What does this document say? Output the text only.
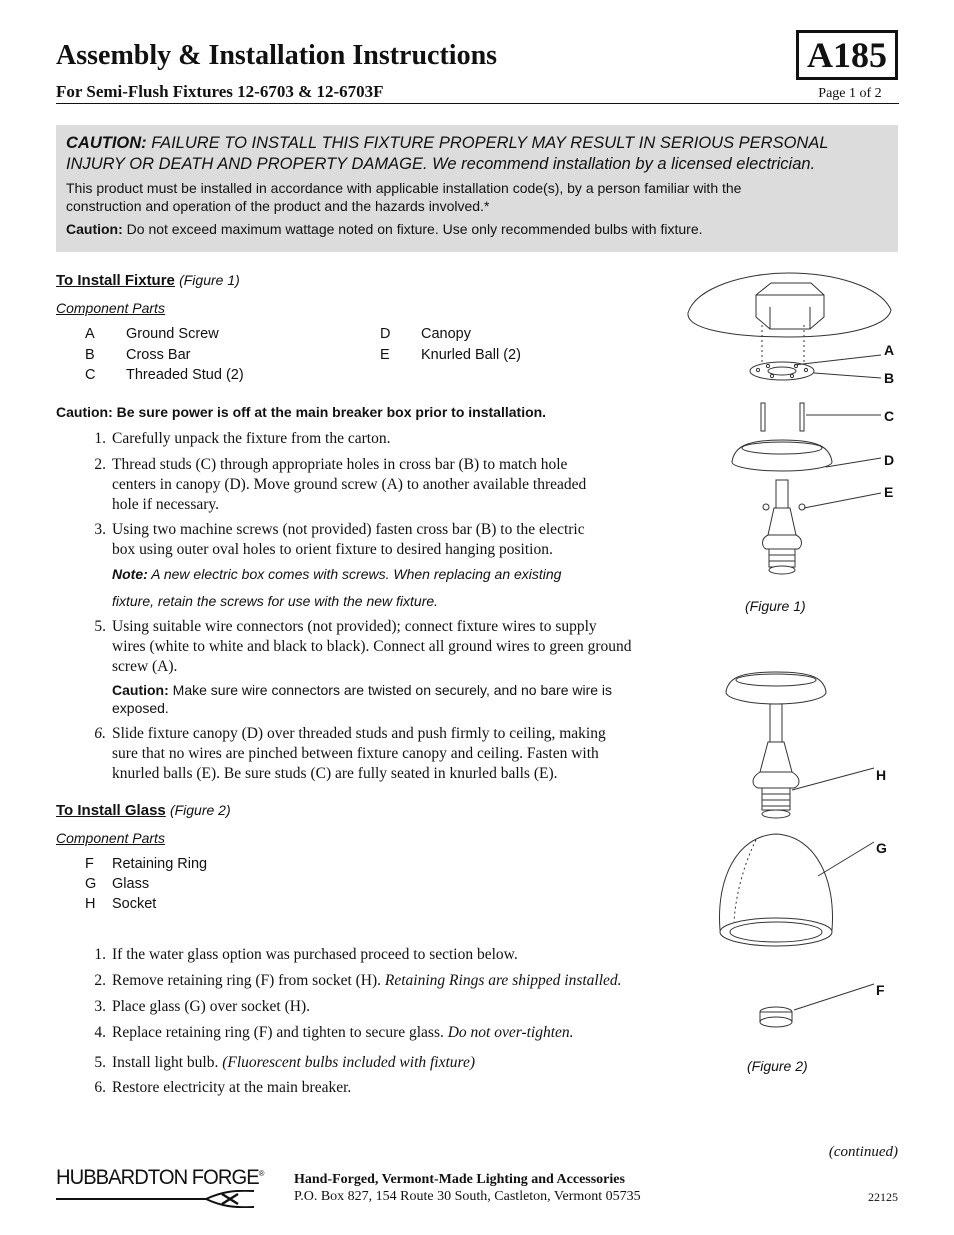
Assembly & Installation Instructions
For Semi-Flush Fixtures 12-6703 & 12-6703F
A185
Page 1 of 2
CAUTION: FAILURE TO INSTALL THIS FIXTURE PROPERLY MAY RESULT IN SERIOUS PERSONAL
INJURY OR DEATH AND PROPERTY DAMAGE. We recommend installation by a licensed electrician.
This product must be installed in accordance with applicable installation code(s), by a person familiar with the
construction and operation of the product and the hazards involved.*
Caution: Do not exceed maximum wattage noted on fixture. Use only recommended bulbs with fixture.
To Install Fixture (Figure 1)
Component Parts
A Ground Screw
B Cross Bar
C Threaded Stud (2)
D Canopy
E Knurled Ball (2)
Caution: Be sure power is off at the main breaker box prior to installation.
1. Carefully unpack the fixture from the carton.
2. Thread studs (C) through appropriate holes in cross bar (B) to match hole
centers in canopy (D). Move ground screw (A) to another available threaded
hole if necessary.
3. Using two machine screws (not provided) fasten cross bar (B) to the electric
box using outer oval holes to orient fixture to desired hanging position.
Note: A new electric box comes with screws. When replacing an existing
fixture, retain the screws for use with the new fixture.
5. Using suitable wire connectors (not provided); connect fixture wires to supply
wires (white to white and black to black). Connect all ground wires to green ground
screw (A).
Caution: Make sure wire connectors are twisted on securely, and no bare wire is
exposed.
6. Slide fixture canopy (D) over threaded studs and push firmly to ceiling, making
sure that no wires are pinched between fixture canopy and ceiling. Fasten with
knurled balls (E). Be sure studs (C) are fully seated in knurled balls (E).
To Install Glass (Figure 2)
Component Parts
F Retaining Ring
G Glass
H Socket
1. If the water glass option was purchased proceed to section below.
2. Remove retaining ring (F) from socket (H). Retaining Rings are shipped installed.
3. Place glass (G) over socket (H).
4. Replace retaining ring (F) and tighten to secure glass. Do not over-tighten.
5. Install light bulb. (Fluorescent bulbs included with fixture)
6. Restore electricity at the main breaker.
A
B
C
D
E
(Figure 1)
H
G
F
(Figure 2)
(continued)
HUBBARDTON FORGE® Hand-Forged, Vermont-Made Lighting and Accessories
P.O. Box 827, 154 Route 30 South, Castleton, Vermont 05735	22125
